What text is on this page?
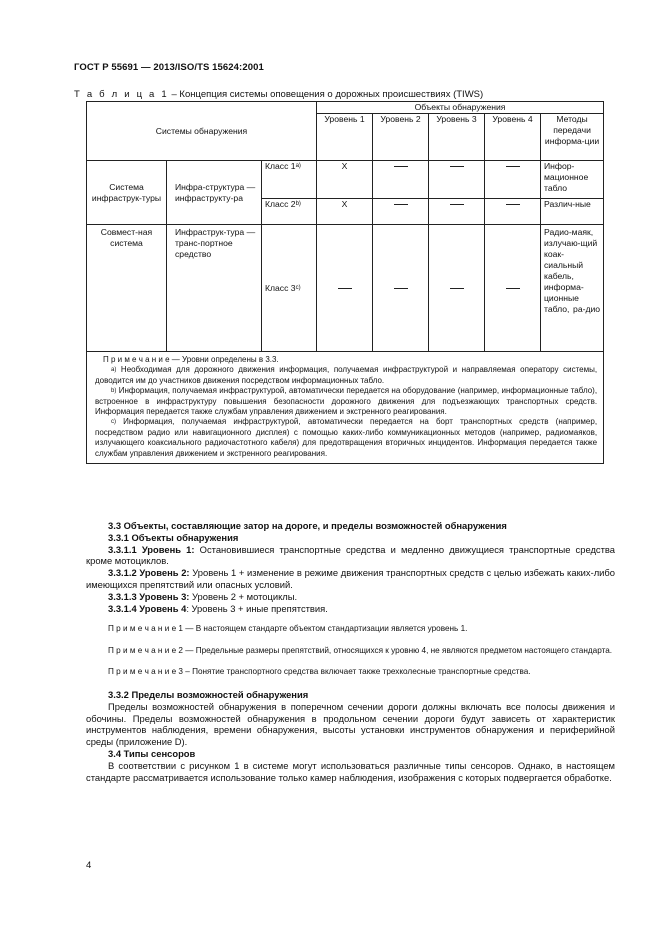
ГОСТ Р 55691 — 2013/ISO/TS 15624:2001
Т а б л и ц а 1 – Концепция системы оповещения о дорожных происшествиях (TIWS)
Системы обнаружения			Объекты обнаружения				
			Уровень 1	Уровень 2	Уровень 3	Уровень 4	Методы передачи информа-ции
Система инфраструк-туры	Инфра-структура — инфраструкту-ра	Класс 1$^{a)}$	X				Инфор-мационное табло
		Класс 2$^{b)}$	X				Различ-ные
Совмест-ная система	Инфраструк-тура — транс-портное средство	Класс 3$^{c)}$					Радио-маяк, излучаю-щий коак-сиальный кабель, информа-ционные табло, ра-дио

П р и м е ч а н и е — Уровни определены в 3.3.
$^{a)}$ Необходимая для дорожного движения информация, получаемая инфраструктурой и направляемая оператору системы, доводится им до участников движения посредством информационных табло.
$^{b)}$ Информация, получаемая инфраструктурой, автоматически передается на оборудование (например, информационные табло), встроенное в инфраструктуру повышения безопасности дорожного движения для подъезжающих транспортных средств. Информация передается также службам управления движением и экстренного реагирования.
$^{c)}$ Информация, получаемая инфраструктурой, автоматически передается на борт транспортных средств (например, посредством радио или навигационного дисплея) с помощью каких-либо коммуникационных методов (например, радиомаяков, излучающего коаксиального радиочастотного кабеля) для предотвращения вторичных инцидентов. Информация передается также службам управления движением и экстренного реагирования.							

3.3 Объекты, составляющие затор на дороге, и пределы возможностей обнаружения

3.3.1 Объекты обнаружения

3.3.1.1 Уровень 1: Остановившиеся транспортные средства и медленно движущиеся транспортные средства кроме мотоциклов.

3.3.1.2 Уровень 2: Уровень 1 + изменение в режиме движения транспортных средств с целью избежать каких-либо имеющихся препятствий или опасных условий.

3.3.1.3 Уровень 3: Уровень 2 + мотоциклы.

3.3.1.4 Уровень 4: Уровень 3 + иные препятствия.

П р и м е ч а н и е 1 — В настоящем стандарте объектом стандартизации является уровень 1.

П р и м е ч а н и е 2 — Предельные размеры препятствий, относящихся к уровню 4, не являются предметом настоящего стандарта.

П р и м е ч а н и е 3 – Понятие транспортного средства включает также трехколесные транспортные средства.

3.3.2 Пределы возможностей обнаружения

Пределы возможностей обнаружения в поперечном сечении дороги должны включать все полосы движения и обочины. Пределы возможностей обнаружения в продольном сечении дороги будут зависеть от характеристик инструментов наблюдения, времени обнаружения, высоты установки инструментов обнаружения и периферийной среды (приложение D).

3.4 Типы сенсоров

В соответствии с рисунком 1 в системе могут использоваться различные типы сенсоров. Однако, в настоящем стандарте рассматривается использование только камер наблюдения, изображения с которых подвергается обработке.

4
